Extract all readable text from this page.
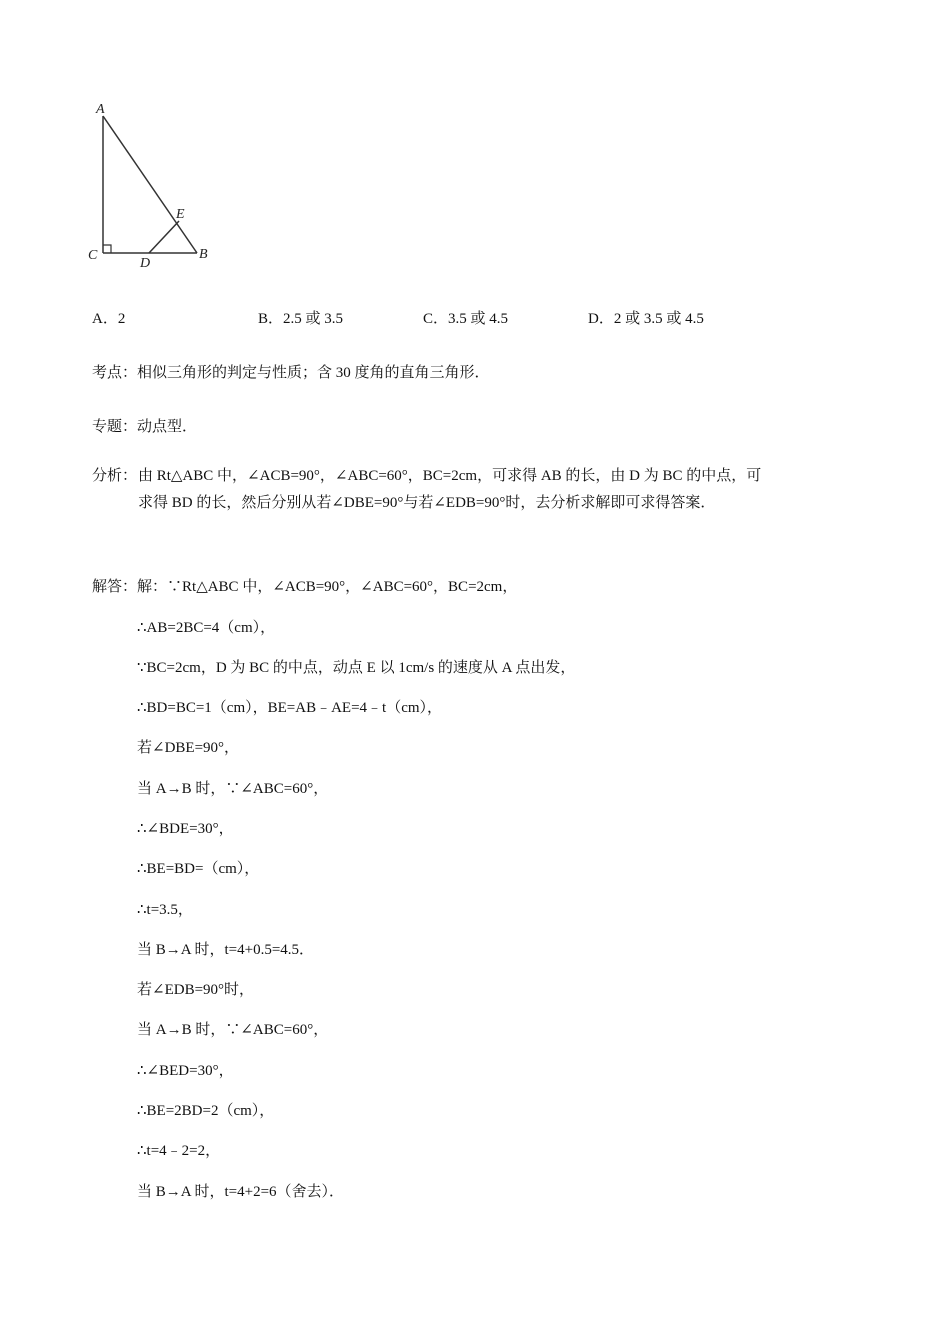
A
B
C
D
E
A．2	B．2.5 或 3.5	C．3.5 或 4.5	D．2 或 3.5 或 4.5
考点：相似三角形的判定与性质；含 30 度角的直角三角形．
专题：动点型．
分析： 由 Rt△ABC 中，∠ACB=90°，∠ABC=60°，BC=2cm，可求得 AB 的长，由 D 为 BC 的中点，可求得 BD 的长，然后分别从若∠DBE=90°与若∠EDB=90°时，去分析求解即可求得答案．
解答：解：∵Rt△ABC 中，∠ACB=90°，∠ABC=60°，BC=2cm，
∴AB=2BC=4（cm），
∵BC=2cm，D 为 BC 的中点，动点 E 以 1cm/s 的速度从 A 点出发，
∴BD=BC=1（cm），BE=AB﹣AE=4﹣t（cm），
若∠DBE=90°，
当 A→B 时，∵∠ABC=60°，
∴∠BDE=30°，
∴BE=BD=（cm），
∴t=3.5，
当 B→A 时，t=4+0.5=4.5．
若∠EDB=90°时，
当 A→B 时，∵∠ABC=60°，
∴∠BED=30°，
∴BE=2BD=2（cm），
∴t=4﹣2=2，
当 B→A 时，t=4+2=6（舍去）．
